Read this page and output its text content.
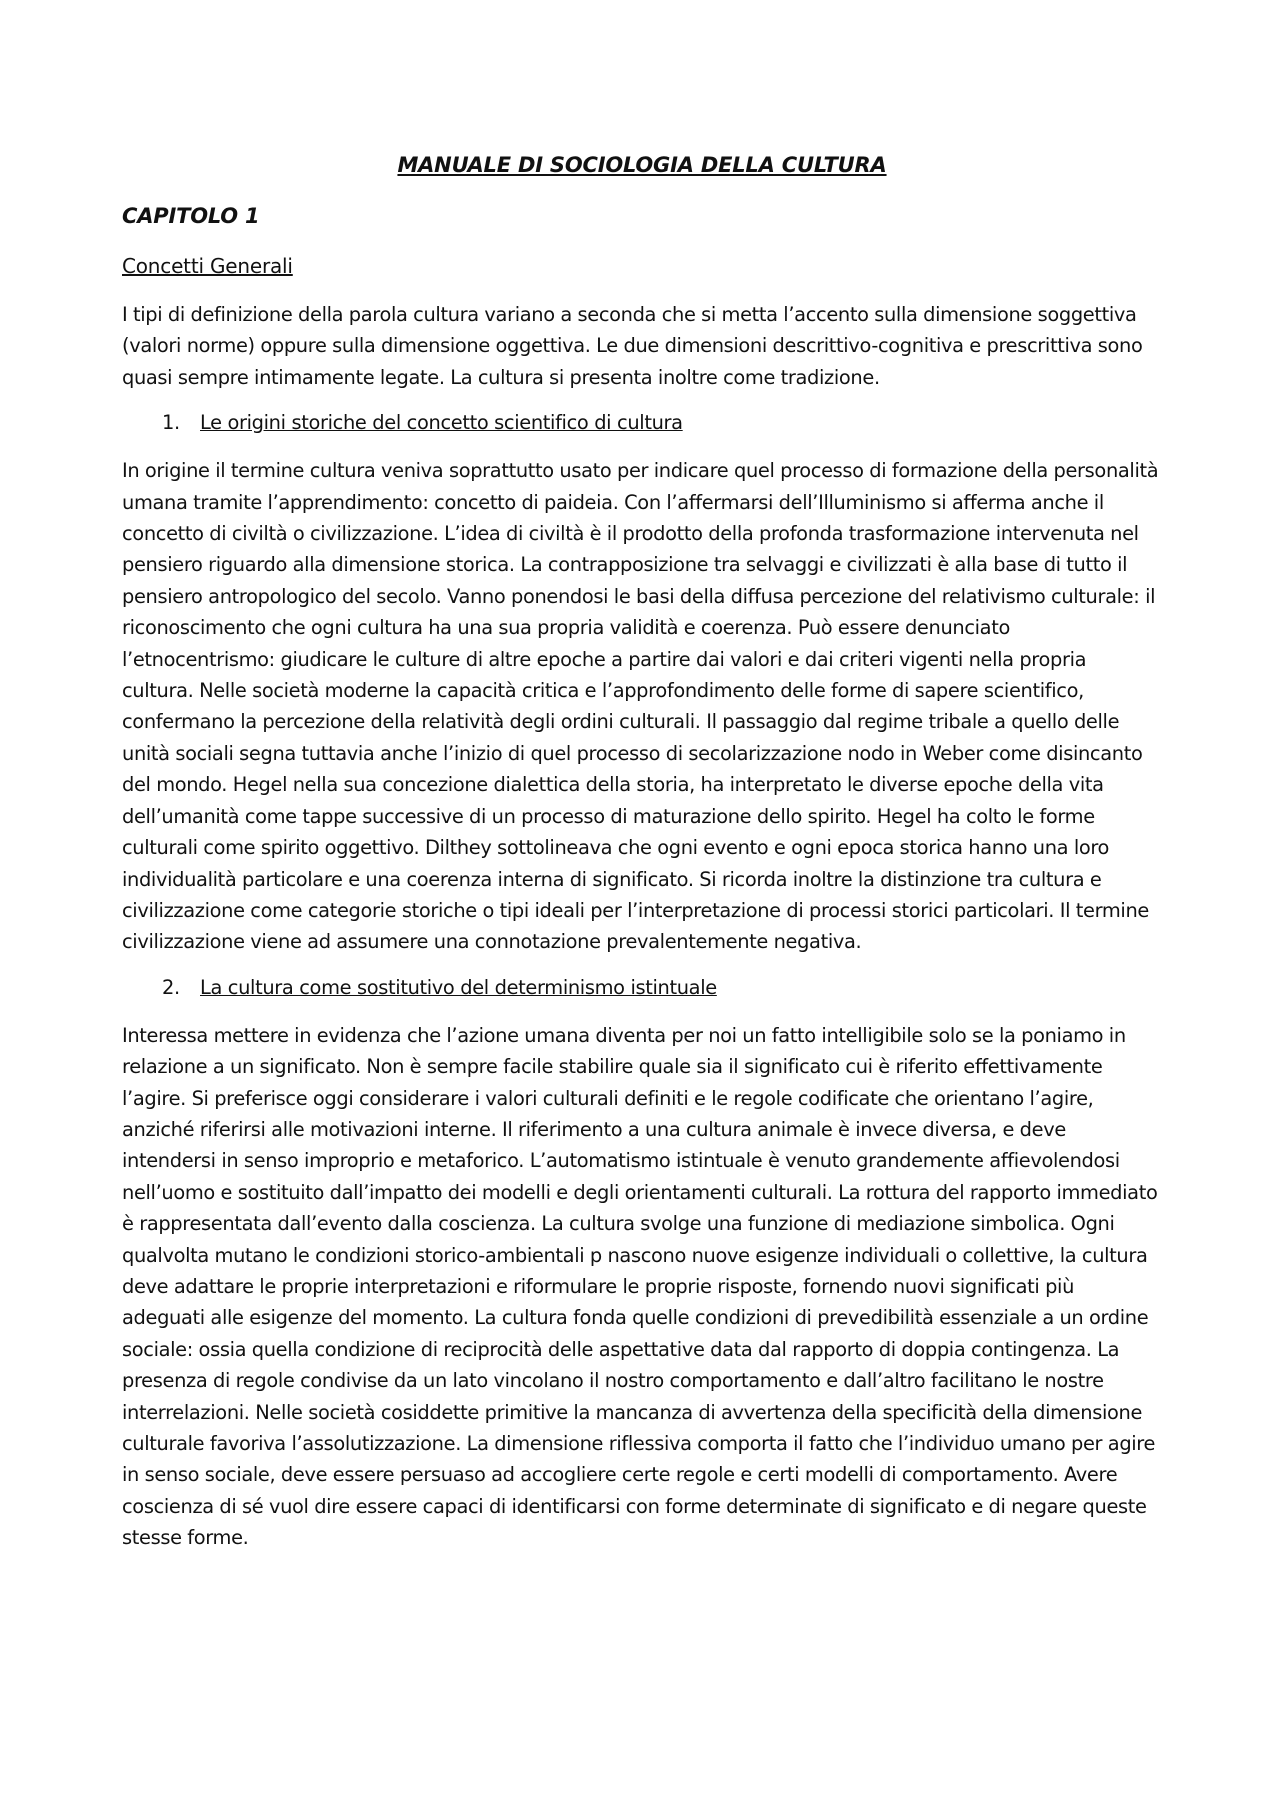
MANUALE DI SOCIOLOGIA DELLA CULTURA
CAPITOLO 1
Concetti Generali

I tipi di definizione della parola cultura variano a seconda che si metta l’accento sulla dimensione soggettiva (valori norme) oppure sulla dimensione oggettiva. Le due dimensioni descrittivo-cognitiva e prescrittiva sono quasi sempre intimamente legate. La cultura si presenta inoltre come tradizione.

1.	Le origini storiche del concetto scientifico di cultura

In origine il termine cultura veniva soprattutto usato per indicare quel processo di formazione della personalità umana tramite l’apprendimento: concetto di paideia. Con l’affermarsi dell’Illuminismo si afferma anche il concetto di civiltà o civilizzazione. L’idea di civiltà è il prodotto della profonda trasformazione intervenuta nel pensiero riguardo alla dimensione storica. La contrapposizione tra selvaggi e civilizzati è alla base di tutto il pensiero antropologico del secolo. Vanno ponendosi le basi della diffusa percezione del relativismo culturale: il riconoscimento che ogni cultura ha una sua propria validità e coerenza. Può essere denunciato l’etnocentrismo: giudicare le culture di altre epoche a partire dai valori e dai criteri vigenti nella propria cultura. Nelle società moderne la capacità critica e l’approfondimento delle forme di sapere scientifico, confermano la percezione della relatività degli ordini culturali. Il passaggio dal regime tribale a quello delle unità sociali segna tuttavia anche l’inizio di quel processo di secolarizzazione nodo in Weber come disincanto del mondo. Hegel nella sua concezione dialettica della storia, ha interpretato le diverse epoche della vita dell’umanità come tappe successive di un processo di maturazione dello spirito. Hegel ha colto le forme culturali come spirito oggettivo. Dilthey sottolineava che ogni evento e ogni epoca storica hanno una loro individualità particolare e una coerenza interna di significato. Si ricorda inoltre la distinzione tra cultura e civilizzazione come categorie storiche o tipi ideali per l’interpretazione di processi storici particolari. Il termine civilizzazione viene ad assumere una connotazione prevalentemente negativa.

2.	La cultura come sostitutivo del determinismo istintuale

Interessa mettere in evidenza che l’azione umana diventa per noi un fatto intelligibile solo se la poniamo in relazione a un significato. Non è sempre facile stabilire quale sia il significato cui è riferito effettivamente l’agire. Si preferisce oggi considerare i valori culturali definiti e le regole codificate che orientano l’agire, anziché riferirsi alle motivazioni interne. Il riferimento a una cultura animale è invece diversa, e deve intendersi in senso improprio e metaforico. L’automatismo istintuale è venuto grandemente affievolendosi nell’uomo e sostituito dall’impatto dei modelli e degli orientamenti culturali. La rottura del rapporto immediato è rappresentata dall’evento dalla coscienza. La cultura svolge una funzione di mediazione simbolica. Ogni qualvolta mutano le condizioni storico-ambientali p nascono nuove esigenze individuali o collettive, la cultura deve adattare le proprie interpretazioni e riformulare le proprie risposte, fornendo nuovi significati più adeguati alle esigenze del momento. La cultura fonda quelle condizioni di prevedibilità essenziale a un ordine sociale: ossia quella condizione di reciprocità delle aspettative data dal rapporto di doppia contingenza. La presenza di regole condivise da un lato vincolano il nostro comportamento e dall’altro facilitano le nostre interrelazioni. Nelle società cosiddette primitive la mancanza di avvertenza della specificità della dimensione culturale favoriva l’assolutizzazione. La dimensione riflessiva comporta il fatto che l’individuo umano per agire in senso sociale, deve essere persuaso ad accogliere certe regole e certi modelli di comportamento. Avere coscienza di sé vuol dire essere capaci di identificarsi con forme determinate di significato e di negare queste stesse forme.
